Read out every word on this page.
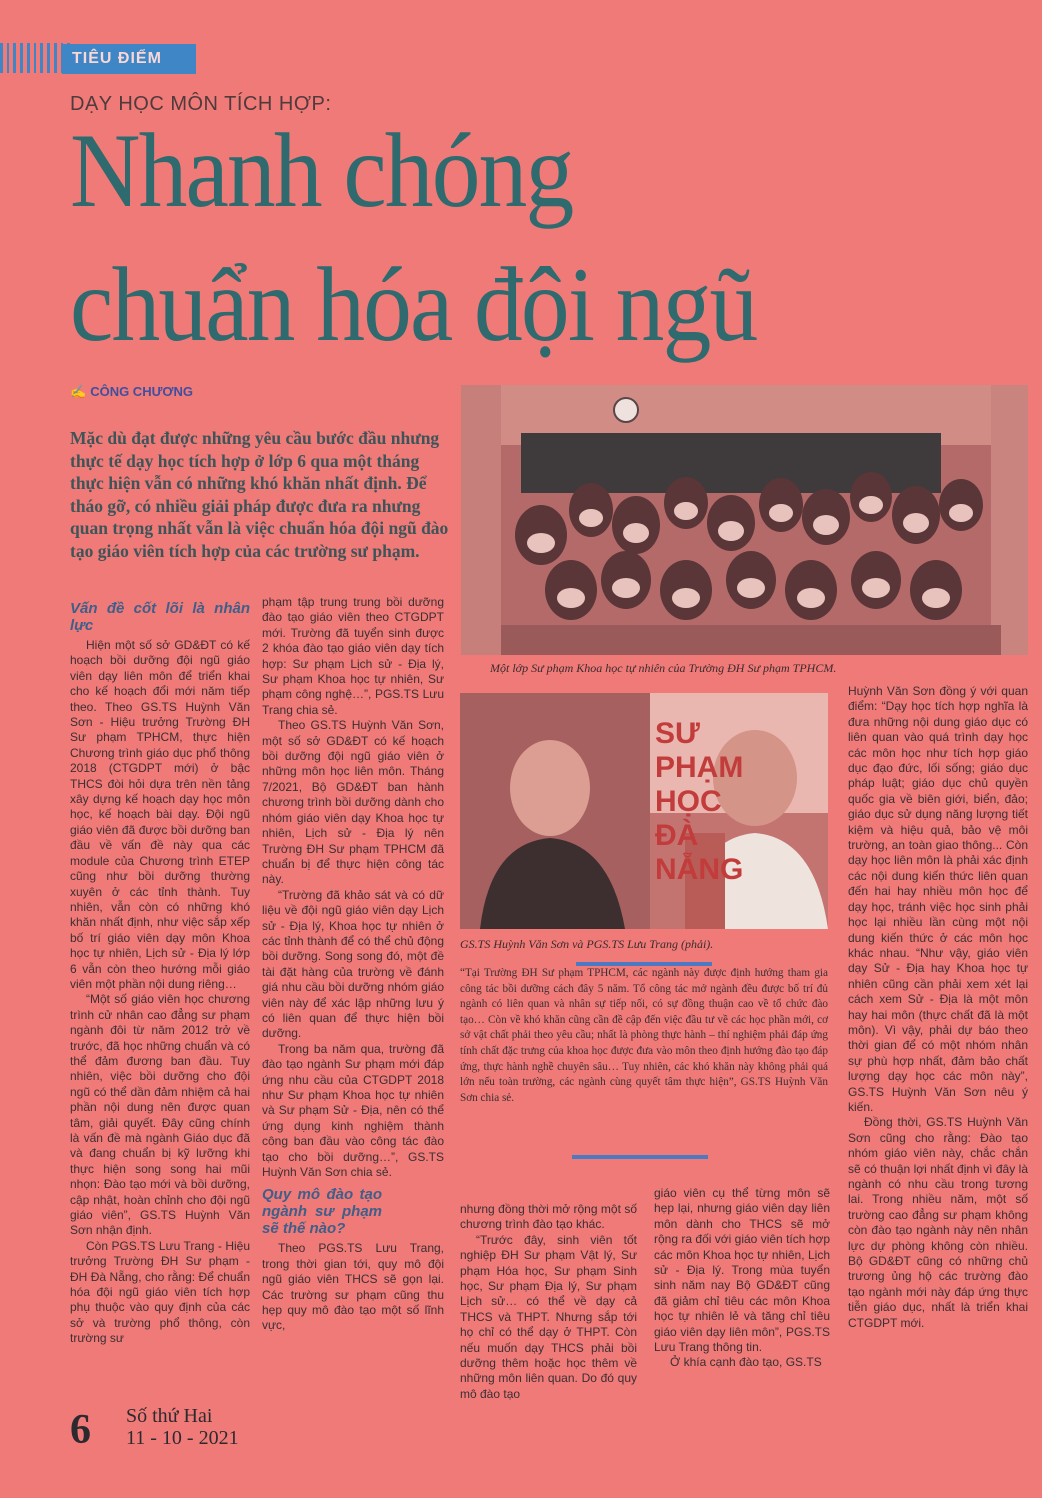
TIÊU ĐIỂM
DẠY HỌC MÔN TÍCH HỢP:
Nhanh chóng
chuẩn hóa đội ngũ
✍ CÔNG CHƯƠNG
Mặc dù đạt được những yêu cầu bước đầu nhưng thực tế dạy học tích hợp ở lớp 6 qua một tháng thực hiện vẫn có những khó khăn nhất định. Để tháo gỡ, có nhiều giải pháp được đưa ra nhưng quan trọng nhất vẫn là việc chuẩn hóa đội ngũ đào tạo giáo viên tích hợp của các trường sư phạm.
Một lớp Sư phạm Khoa học tự nhiên của Trường ĐH Sư phạm TPHCM.
SƯ PHẠM HỌC ĐÀ NẴNG
GS.TS Huỳnh Văn Sơn và PGS.TS Lưu Trang (phải).
“Tại Trường ĐH Sư phạm TPHCM, các ngành này được định hướng tham gia công tác bồi dưỡng cách đây 5 năm. Tổ công tác mở ngành đều được bố trí đủ ngành có liên quan và nhân sự tiếp nối, có sự đồng thuận cao về tổ chức đào tạo… Còn về khó khăn cũng cần đề cập đến việc đầu tư về các học phần mới, cơ sở vật chất phải theo yêu cầu; nhất là phòng thực hành – thí nghiệm phải đáp ứng tính chất đặc trưng của khoa học được đưa vào môn theo định hướng đào tạo đáp ứng, thực hành nghề chuyên sâu… Tuy nhiên, các khó khăn này không phải quá lớn nếu toàn trường, các ngành cùng quyết tâm thực hiện”, GS.TS Huỳnh Văn Sơn chia sẻ.
Vấn đề cốt lõi là nhân lực

Hiện một số sở GD&ĐT có kế hoạch bồi dưỡng đội ngũ giáo viên dạy liên môn để triển khai cho kế hoạch đổi mới năm tiếp theo. Theo GS.TS Huỳnh Văn Sơn - Hiệu trưởng Trường ĐH Sư phạm TPHCM, thực hiện Chương trình giáo dục phổ thông 2018 (CTGDPT mới) ở bậc THCS đòi hỏi dựa trên nền tảng xây dựng kế hoạch dạy học môn học, kế hoạch bài dạy. Đội ngũ giáo viên đã được bồi dưỡng ban đầu về vấn đề này qua các module của Chương trình ETEP cũng như bồi dưỡng thường xuyên ở các tỉnh thành. Tuy nhiên, vẫn còn có những khó khăn nhất định, như việc sắp xếp bố trí giáo viên dạy môn Khoa học tự nhiên, Lịch sử - Địa lý lớp 6 vẫn còn theo hướng mỗi giáo viên một phần nội dung riêng…

“Một số giáo viên học chương trình cử nhân cao đẳng sư phạm ngành đôi từ năm 2012 trở về trước, đã học những chuẩn và có thể đảm đương ban đầu. Tuy nhiên, việc bồi dưỡng cho đội ngũ có thể dần đảm nhiệm cả hai phần nội dung nên được quan tâm, giải quyết. Đây cũng chính là vấn đề mà ngành Giáo dục đã và đang chuẩn bị kỹ lưỡng khi thực hiện song song hai mũi nhọn: Đào tạo mới và bồi dưỡng, cập nhật, hoàn chỉnh cho đội ngũ giáo viên”, GS.TS Huỳnh Văn Sơn nhận định.

Còn PGS.TS Lưu Trang - Hiệu trưởng Trường ĐH Sư phạm - ĐH Đà Nẵng, cho rằng: Để chuẩn hóa đội ngũ giáo viên tích hợp phụ thuộc vào quy định của các sở và trường phổ thông, còn trường sư

phạm tập trung trung bồi dưỡng đào tạo giáo viên theo CTGDPT mới. Trường đã tuyển sinh được 2 khóa đào tạo giáo viên dạy tích hợp: Sư phạm Lịch sử - Địa lý, Sư phạm Khoa học tự nhiên, Sư phạm công nghệ…”, PGS.TS Lưu Trang chia sẻ.

Theo GS.TS Huỳnh Văn Sơn, một số sở GD&ĐT có kế hoạch bồi dưỡng đội ngũ giáo viên ở những môn học liên môn. Tháng 7/2021, Bộ GD&ĐT ban hành chương trình bồi dưỡng dành cho nhóm giáo viên dạy Khoa học tự nhiên, Lịch sử - Địa lý nên Trường ĐH Sư phạm TPHCM đã chuẩn bị để thực hiện công tác này.

“Trường đã khảo sát và có dữ liệu về đội ngũ giáo viên dạy Lịch sử - Địa lý, Khoa học tự nhiên ở các tỉnh thành để có thể chủ động bồi dưỡng. Song song đó, một đề tài đặt hàng của trường về đánh giá nhu cầu bồi dưỡng nhóm giáo viên này để xác lập những lưu ý có liên quan để thực hiện bồi dưỡng.

Trong ba năm qua, trường đã đào tạo ngành Sư phạm mới đáp ứng nhu cầu của CTGDPT 2018 như Sư phạm Khoa học tự nhiên và Sư phạm Sử - Địa, nên có thể ứng dụng kinh nghiệm thành công ban đầu vào công tác đào tạo cho bồi dưỡng…”, GS.TS Huỳnh Văn Sơn chia sẻ.

Quy mô đào tạo ngành sư phạm sẽ thế nào?

Theo PGS.TS Lưu Trang, trong thời gian tới, quy mô đội ngũ giáo viên THCS sẽ gọn lại. Các trường sư phạm cũng thu hẹp quy mô đào tạo một số lĩnh vực,

nhưng đồng thời mở rộng một số chương trình đào tạo khác.

“Trước đây, sinh viên tốt nghiệp ĐH Sư phạm Vật lý, Sư phạm Hóa học, Sư phạm Sinh học, Sư phạm Địa lý, Sư phạm Lịch sử… có thể về dạy cả THCS và THPT. Nhưng sắp tới họ chỉ có thể dạy ở THPT. Còn nếu muốn dạy THCS phải bồi dưỡng thêm hoặc học thêm về những môn liên quan. Do đó quy mô đào tạo

giáo viên cụ thể từng môn sẽ hẹp lại, nhưng giáo viên dạy liên môn dành cho THCS sẽ mở rộng ra đối với giáo viên tích hợp các môn Khoa học tự nhiên, Lịch sử - Địa lý. Trong mùa tuyển sinh năm nay Bộ GD&ĐT cũng đã giảm chỉ tiêu các môn Khoa học tự nhiên lẻ và tăng chỉ tiêu giáo viên dạy liên môn”, PGS.TS Lưu Trang thông tin.

Ở khía cạnh đào tạo, GS.TS

Huỳnh Văn Sơn đồng ý với quan điểm: “Dạy học tích hợp nghĩa là đưa những nội dung giáo dục có liên quan vào quá trình dạy học các môn học như tích hợp giáo dục đạo đức, lối sống; giáo dục pháp luật; giáo dục chủ quyền quốc gia về biên giới, biển, đảo; giáo dục sử dụng năng lượng tiết kiệm và hiệu quả, bảo vệ môi trường, an toàn giao thông... Còn dạy học liên môn là phải xác định các nội dung kiến thức liên quan đến hai hay nhiều môn học để dạy học, tránh việc học sinh phải học lại nhiều lần cùng một nội dung kiến thức ở các môn học khác nhau. “Như vậy, giáo viên dạy Sử - Địa hay Khoa học tự nhiên cũng cần phải xem xét lại cách xem Sử - Địa là một môn hay hai môn (thực chất đã là một môn). Vì vậy, phải dự báo theo thời gian để có một nhóm nhân sự phù hợp nhất, đảm bảo chất lượng dạy học các môn này”, GS.TS Huỳnh Văn Sơn nêu ý kiến.

Đồng thời, GS.TS Huỳnh Văn Sơn cũng cho rằng: Đào tạo nhóm giáo viên này, chắc chắn sẽ có thuận lợi nhất định vì đây là ngành có nhu cầu trong tương lai. Trong nhiều năm, một số trường cao đẳng sư phạm không còn đào tạo ngành này nên nhân lực dự phòng không còn nhiều. Bộ GD&ĐT cũng có những chủ trương ủng hộ các trường đào tạo ngành mới này đáp ứng thực tiễn giáo dục, nhất là triển khai CTGDPT mới.

6 Số thứ Hai
11 - 10 - 2021
